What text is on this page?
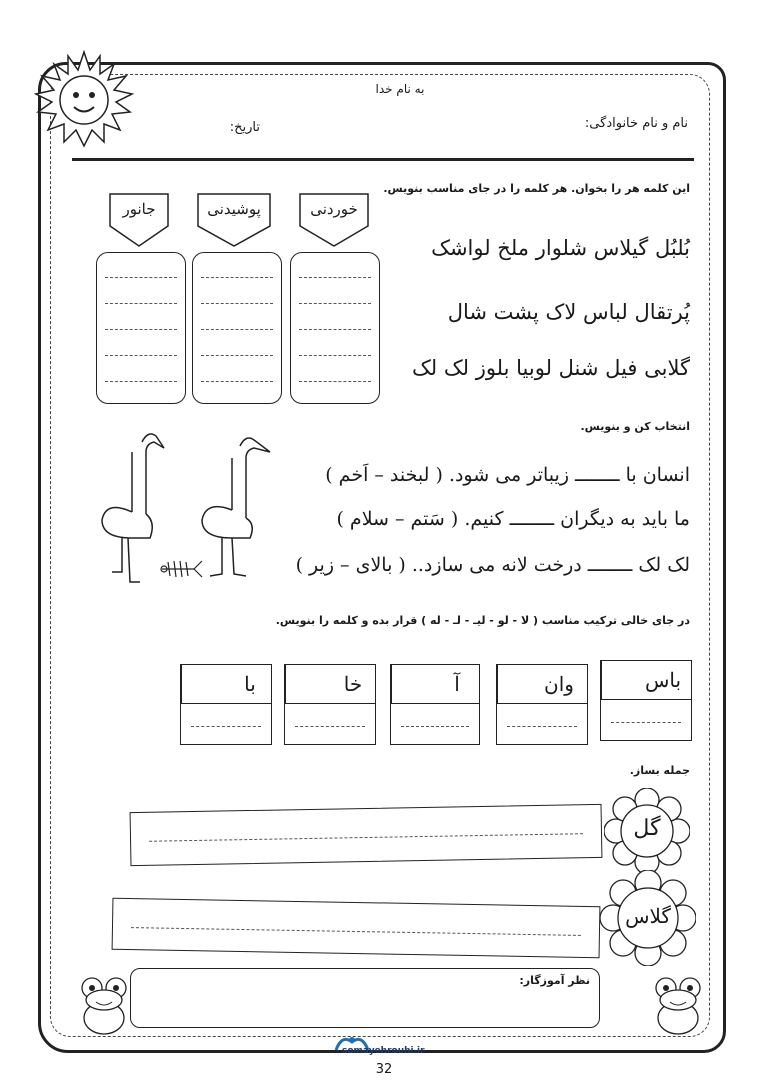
به نام خدا
نام و نام خانوادگی:
تاریخ:
این کلمه هر را بخوان. هر کلمه را در جای مناسب بنویس.
خوردنی
پوشیدنی
جانور
بُلبُل گیلاس شلوار ملخ لواشک
پُرتقال لباس لاک پشت شال
گلابی فیل شنل لوبیا بلوز لک لک
انتخاب کن و بنویس.
انسان با ــــــــ زیباتر می شود. ( لبخند – اَخم )
ما باید به دیگران ــــــــ کنیم. ( سَتم – سلام )
لک لک ــــــــ درخت لانه می سازد.. ( بالای – زیر )
در جای خالی ترکیب مناسب ( لا - لو - لیـ - لـ - له ) قرار بده و کلمه را بنویس.
باس
وان
آ
خا
با
جمله بساز.
گل
گلاس
نظر آموزگار:
somayehrouhi.ir
32
